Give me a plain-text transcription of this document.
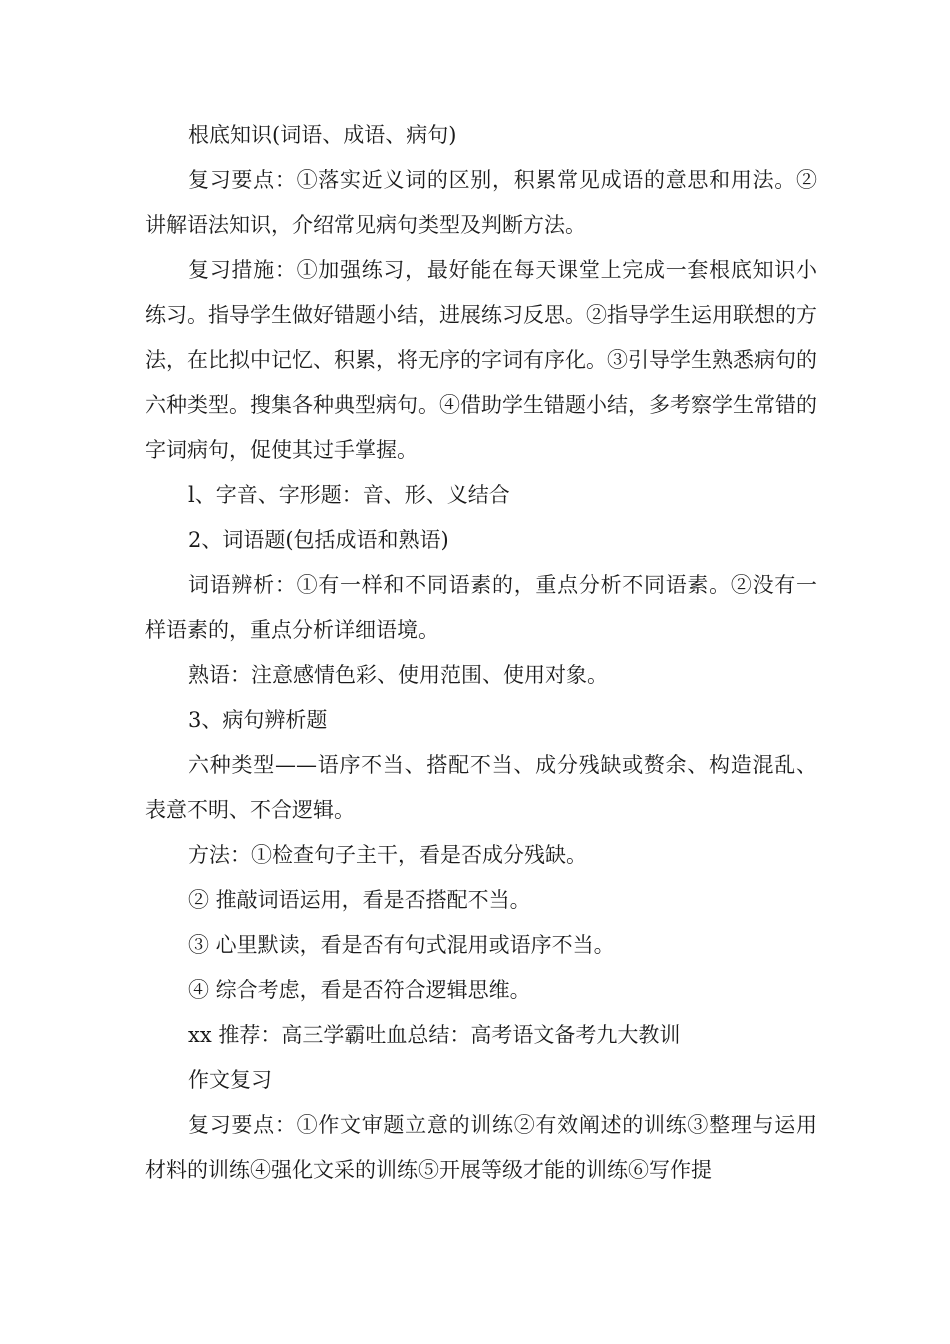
根底知识(词语、成语、病句)

复习要点：①落实近义词的区别，积累常见成语的意思和用法。②讲解语法知识，介绍常见病句类型及判断方法。

复习措施：①加强练习，最好能在每天课堂上完成一套根底知识小练习。指导学生做好错题小结，进展练习反思。②指导学生运用联想的方法，在比拟中记忆、积累，将无序的字词有序化。③引导学生熟悉病句的六种类型。搜集各种典型病句。④借助学生错题小结，多考察学生常错的字词病句，促使其过手掌握。

l、字音、字形题：音、形、义结合

2、词语题(包括成语和熟语)

词语辨析：①有一样和不同语素的，重点分析不同语素。②没有一样语素的，重点分析详细语境。

熟语：注意感情色彩、使用范围、使用对象。

3、病句辨析题

六种类型——语序不当、搭配不当、成分残缺或赘余、构造混乱、表意不明、不合逻辑。

方法：①检查句子主干，看是否成分残缺。

② 推敲词语运用，看是否搭配不当。

③ 心里默读，看是否有句式混用或语序不当。

④ 综合考虑，看是否符合逻辑思维。

xx 推荐：高三学霸吐血总结：高考语文备考九大教训

作文复习

复习要点：①作文审题立意的训练②有效阐述的训练③整理与运用材料的训练④强化文采的训练⑤开展等级才能的训练⑥写作提
